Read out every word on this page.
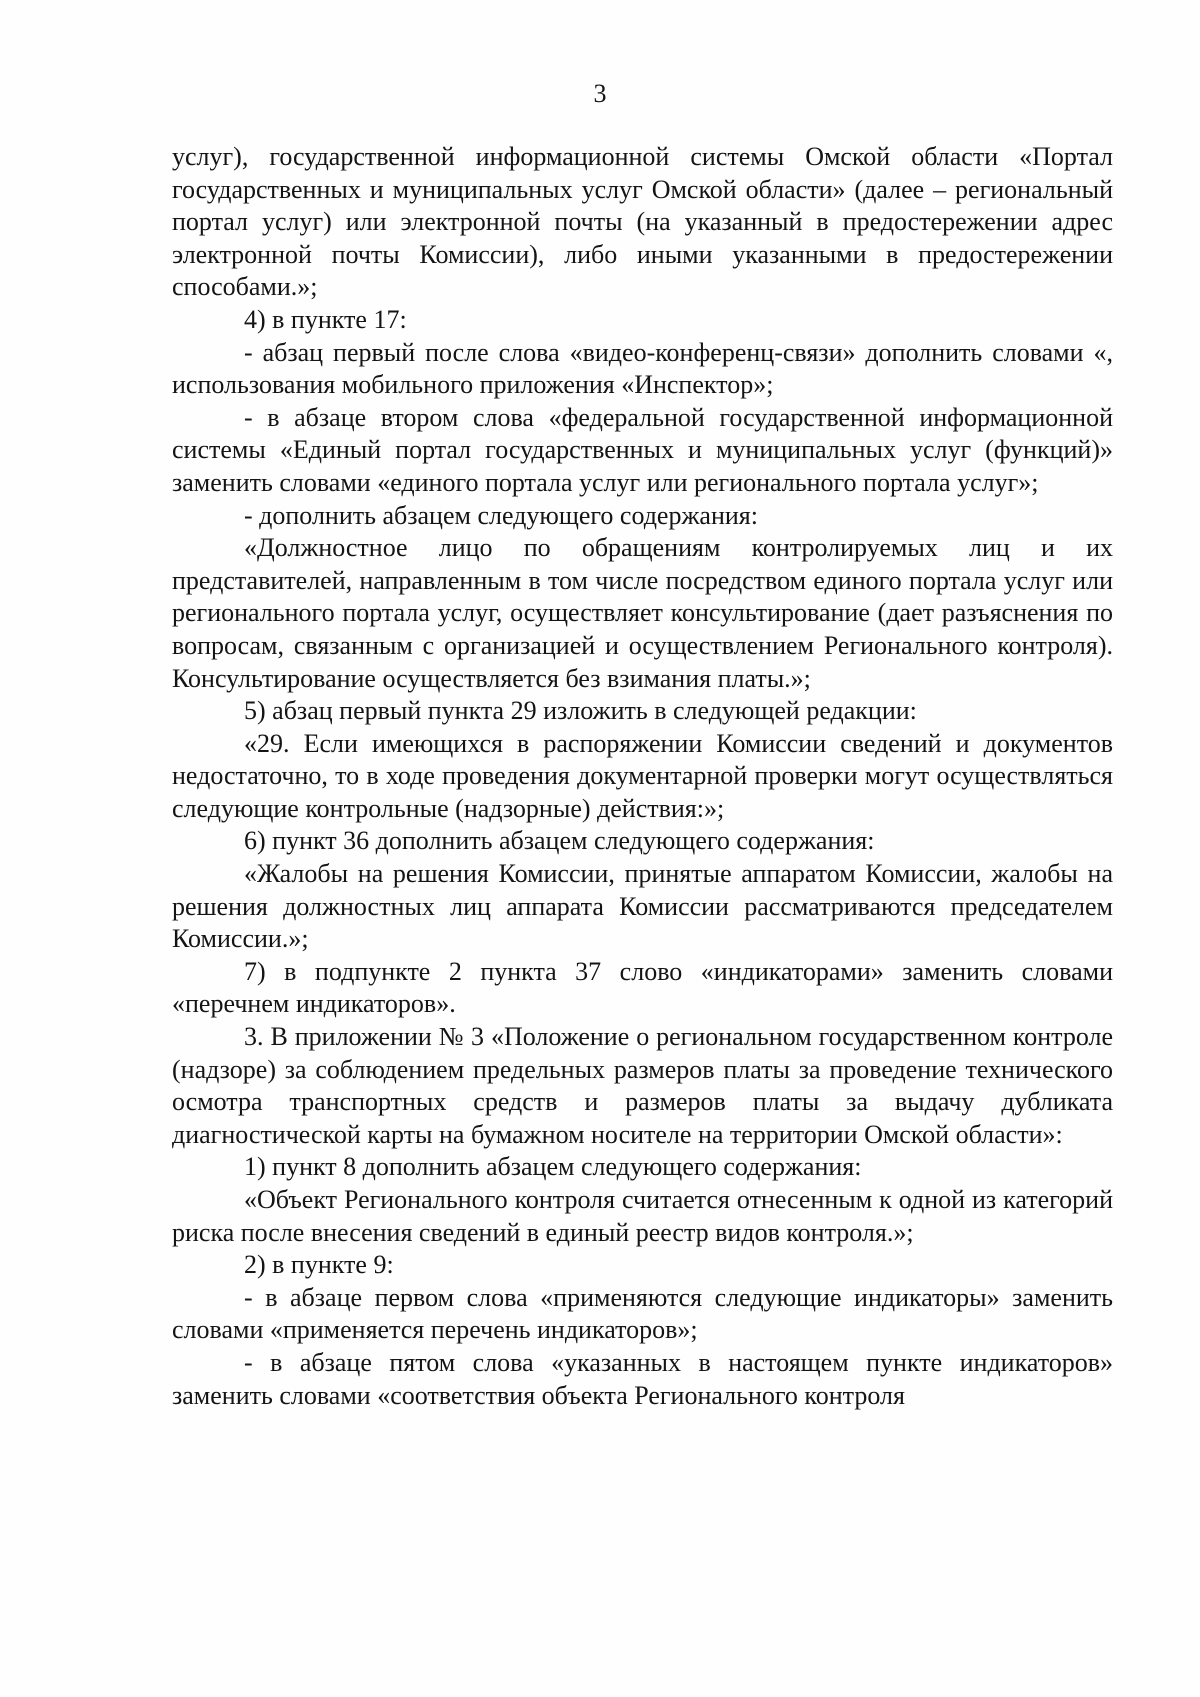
3

услуг), государственной информационной системы Омской области «Портал государственных и муниципальных услуг Омской области» (далее – региональный портал услуг) или электронной почты (на указанный в предостережении адрес электронной почты Комиссии), либо иными указанными в предостережении способами.»;

4) в пункте 17:

- абзац первый после слова «видео-конференц-связи» дополнить словами «, использования мобильного приложения «Инспектор»;

- в абзаце втором слова «федеральной государственной информационной системы «Единый портал государственных и муниципальных услуг (функций)» заменить словами «единого портала услуг или регионального портала услуг»;

- дополнить абзацем следующего содержания:

«Должностное лицо по обращениям контролируемых лиц и их представителей, направленным в том числе посредством единого портала услуг или регионального портала услуг, осуществляет консультирование (дает разъяснения по вопросам, связанным с организацией и осуществлением Регионального контроля). Консультирование осуществляется без взимания платы.»;

5) абзац первый пункта 29 изложить в следующей редакции:

«29. Если имеющихся в распоряжении Комиссии сведений и документов недостаточно, то в ходе проведения документарной проверки могут осуществляться следующие контрольные (надзорные) действия:»;

6) пункт 36 дополнить абзацем следующего содержания:

«Жалобы на решения Комиссии, принятые аппаратом Комиссии, жалобы на решения должностных лиц аппарата Комиссии рассматриваются председателем Комиссии.»;

7) в подпункте 2 пункта 37 слово «индикаторами» заменить словами «перечнем индикаторов».

3. В приложении № 3 «Положение о региональном государственном контроле (надзоре) за соблюдением предельных размеров платы за проведение технического осмотра транспортных средств и размеров платы за выдачу дубликата диагностической карты на бумажном носителе на территории Омской области»:

1) пункт 8 дополнить абзацем следующего содержания:

«Объект Регионального контроля считается отнесенным к одной из категорий риска после внесения сведений в единый реестр видов контроля.»;

2) в пункте 9:

- в абзаце первом слова «применяются следующие индикаторы» заменить словами «применяется перечень индикаторов»;

- в абзаце пятом слова «указанных в настоящем пункте индикаторов» заменить словами «соответствия объекта Регионального контроля
